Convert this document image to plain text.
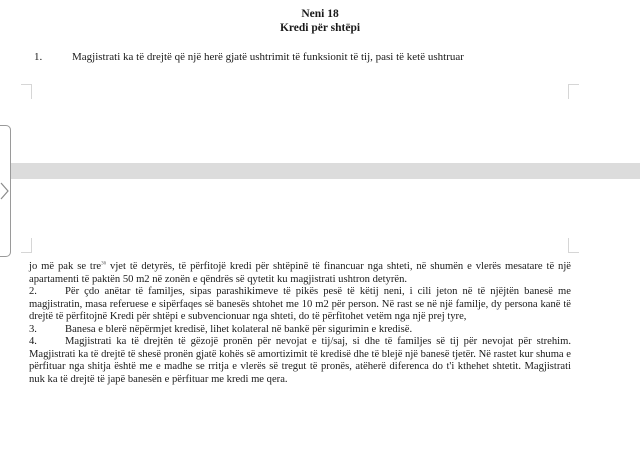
Neni 18
Kredi për shtëpi
1.	Magjistrati ka të drejtë që një herë gjatë ushtrimit të funksionit të tij, pasi të ketë ushtruar

jo më pak se tre$^{36}$ vjet të detyrës, të përfitojë kredi për shtëpinë të financuar nga shteti, në shumën e vlerës mesatare të një apartamenti të paktën 50 m2 në zonën e qëndrës së qytetit ku magjistrati ushtron detyrën.

2.	Për çdo anëtar të familjes, sipas parashikimeve të pikës pesë të këtij neni, i cili jeton në të njëjtën banesë me magjistratin, masa referuese e sipërfaqes së banesës shtohet me 10 m2 për person. Në rast se në një familje, dy persona kanë të drejtë të përfitojnë Kredi për shtëpi e subvencionuar nga shteti, do të përfitohet vetëm nga një prej tyre,

3.	Banesa e blerë nëpërmjet kredisë, lihet kolateral në bankë për sigurimin e kredisë.

4.	Magjistrati ka të drejtën të gëzojë pronën për nevojat e tij/saj, si dhe të familjes së tij për nevojat për strehim. Magjistrati ka të drejtë të shesë pronën gjatë kohës së amortizimit të kredisë dhe të blejë një banesë tjetër. Në rastet kur shuma e përfituar nga shitja është me e madhe se rritja e vlerës së tregut të pronës, atëherë diferenca do t'i kthehet shtetit. Magjistrati nuk ka të drejtë të japë banesën e përfituar me kredi me qera.
